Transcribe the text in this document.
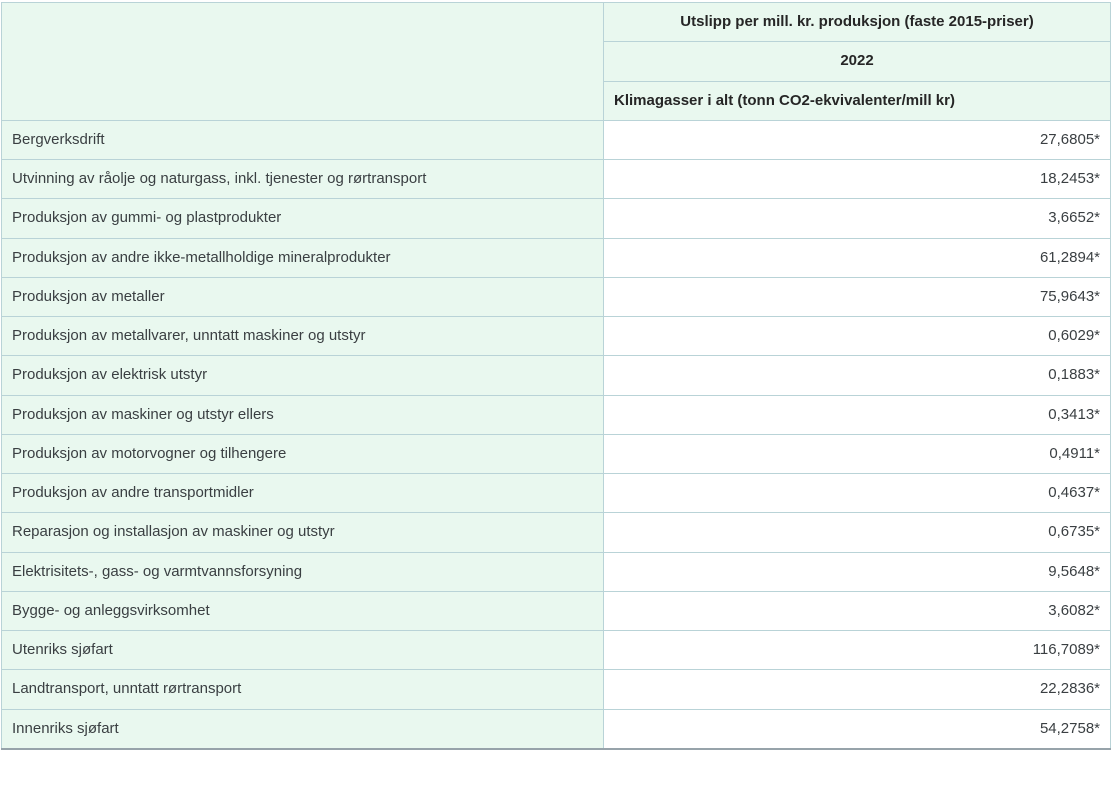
	Utslipp per mill. kr. produksjon (faste 2015-priser)
	2022
	Klimagasser i alt (tonn CO2-ekvivalenter/mill kr)
Bergverksdrift	27,6805*
Utvinning av råolje og naturgass, inkl. tjenester og rørtransport	18,2453*
Produksjon av gummi- og plastprodukter	3,6652*
Produksjon av andre ikke-metallholdige mineralprodukter	61,2894*
Produksjon av metaller	75,9643*
Produksjon av metallvarer, unntatt maskiner og utstyr	0,6029*
Produksjon av elektrisk utstyr	0,1883*
Produksjon av maskiner og utstyr ellers	0,3413*
Produksjon av motorvogner og tilhengere	0,4911*
Produksjon av andre transportmidler	0,4637*
Reparasjon og installasjon av maskiner og utstyr	0,6735*
Elektrisitets-, gass- og varmtvannsforsyning	9,5648*
Bygge- og anleggsvirksomhet	3,6082*
Utenriks sjøfart	116,7089*
Landtransport, unntatt rørtransport	22,2836*
Innenriks sjøfart	54,2758*
